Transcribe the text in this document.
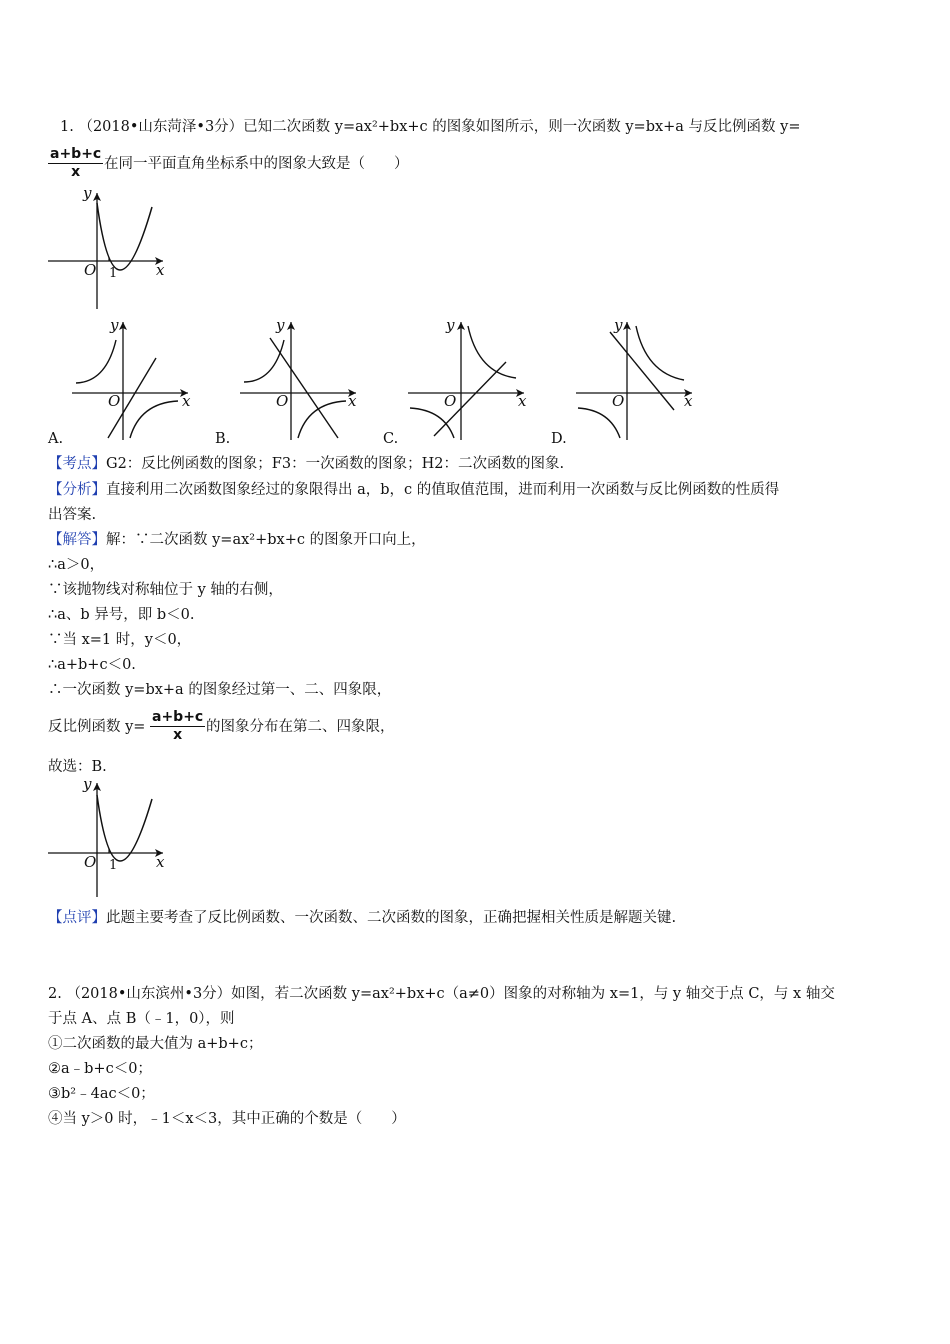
1. （2018•山东菏泽•3分）已知二次函数 y=ax²+bx+c 的图象如图所示，则一次函数 y=bx+a 与反比例函数 y=
$\frac{a+b+c}{x}$ 在同一平面直角坐标系中的图象大致是（　　）
y
O 1	x
y
O	x
y
O	x
y
O	x
y
O	x
A.	B.	C.	D.
【考点】G2：反比例函数的图象；F3：一次函数的图象；H2：二次函数的图象.
【分析】直接利用二次函数图象经过的象限得出 a，b，c 的值取值范围，进而利用一次函数与反比例函数的性质得
出答案.
【解答】解：∵二次函数 y=ax²+bx+c 的图象开口向上，
∴a＞0，
∵该抛物线对称轴位于 y 轴的右侧，
∴a、b 异号，即 b＜0.
∵当 x=1 时，y＜0，
∴a+b+c＜0.
∴一次函数 y=bx+a 的图象经过第一、二、四象限，
反比例函数 $y= \frac{a+b+c}{x}$ 的图象分布在第二、四象限，
故选：B.
y
O 1	x
【点评】此题主要考查了反比例函数、一次函数、二次函数的图象，正确把握相关性质是解题关键.
2. （2018•山东滨州•3分）如图，若二次函数 y=ax²+bx+c（a≠0）图象的对称轴为 x=1，与 y 轴交于点 C，与 x 轴交
于点 A、点 B（﹣1，0），则
①二次函数的最大值为 a+b+c；
②a﹣b+c＜0；
③b²﹣4ac＜0；
④当 y＞0 时，﹣1＜x＜3，其中正确的个数是（　　）
